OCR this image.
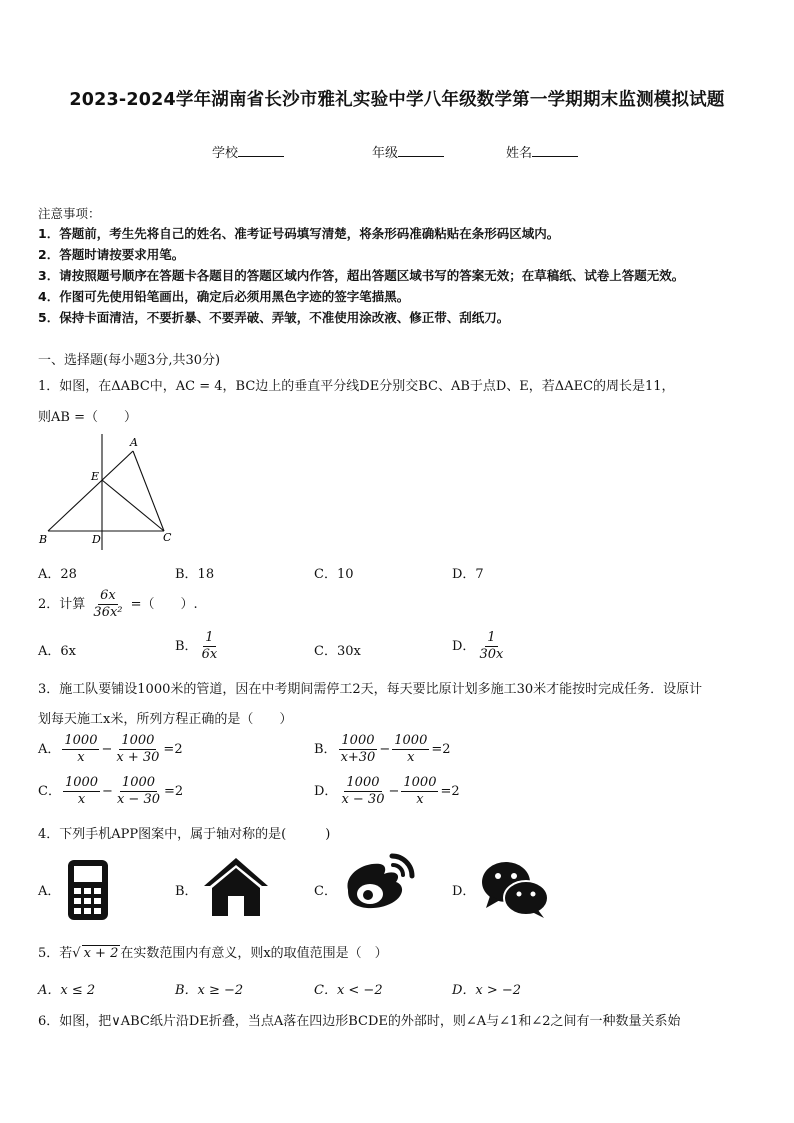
2023-2024学年湖南省长沙市雅礼实验中学八年级数学第一学期期末监测模拟试题
学校	年级	姓名
注意事项：
1．答题前，考生先将自己的姓名、准考证号码填写清楚，将条形码准确粘贴在条形码区域内。
2．答题时请按要求用笔。
3．请按照题号顺序在答题卡各题目的答题区域内作答，超出答题区域书写的答案无效；在草稿纸、试卷上答题无效。
4．作图可先使用铅笔画出，确定后必须用黑色字迹的签字笔描黑。
5．保持卡面清洁，不要折暴、不要弄破、弄皱，不准使用涂改液、修正带、刮纸刀。
一、选择题(每小题3分,共30分)
1．如图，在ΔABC中，AC = 4，BC边上的垂直平分线DE分别交BC、AB于点D、E，若ΔAEC的周长是11，
则AB =（　　）
A
E
B	D	C
A．28	B．18	C．10	D．7
2．计算 $\frac{6x}{\text{36x²}}$ =（　　）.
A．6x	B． $\frac{1}{6x}$	C．30x	D． $\frac{1}{30x}$
3．施工队要铺设1000米的管道，因在中考期间需停工2天，每天要比原计划多施工30米才能按时完成任务．设原计
划每天施工x米，所列方程正确的是（　　）
A． $\frac{1000}{x} - \frac{1000}{x + 30} =2$	B． $\frac{1000}{x+30} - \frac{1000}{x} =2$
C． $\frac{1000}{x} - \frac{1000}{x - 30} =2$	D． $\frac{1000}{x - 30} - \frac{1000}{x} =2$
4．下列手机APP图案中，属于轴对称的是(　　　)
A．	B．	C．	D．
5．若√ x + 2 在实数范围内有意义，则x的取值范围是（　）
A．x ≤ 2	B．x ≥ −2	C．x < −2	D．x > −2
6．如图，把∨ABC纸片沿DE折叠，当点A落在四边形BCDE的外部时，则∠A与∠1和∠2之间有一种数量关系始
